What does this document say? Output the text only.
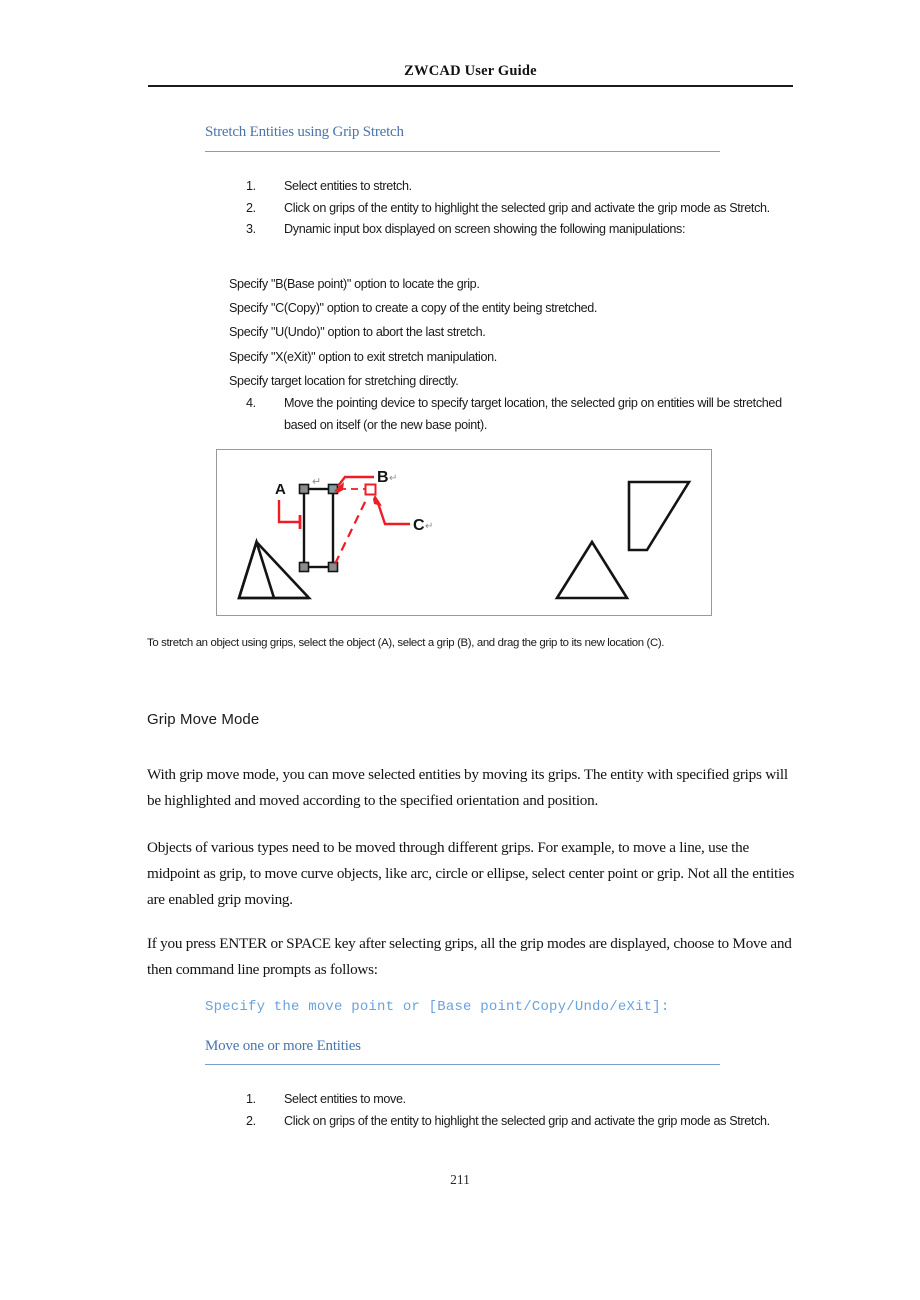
ZWCAD User Guide
Stretch Entities using Grip Stretch
1.	Select entities to stretch.
2.	Click on grips of the entity to highlight the selected grip and activate the grip mode as Stretch.
3.	Dynamic input box displayed on screen showing the following manipulations:
Specify "B(Base point)" option to locate the grip.
Specify "C(Copy)" option to create a copy of the entity being stretched.
Specify "U(Undo)" option to abort the last stretch.
Specify "X(eXit)" option to exit stretch manipulation.
Specify target location for stretching directly.
4.	Move the pointing device to specify target location, the selected grip on entities will be stretched based on itself (or the new base point).
A ↵	B ↵
C ↵
To stretch an object using grips, select the object (A), select a grip (B), and drag the grip to its new location (C).
Grip Move Mode
With grip move mode, you can move selected entities by moving its grips. The entity with specified grips will be highlighted and moved according to the specified orientation and position.
Objects of various types need to be moved through different grips. For example, to move a line, use the midpoint as grip, to move curve objects, like arc, circle or ellipse, select center point or grip. Not all the entities are enabled grip moving.
If you press ENTER or SPACE key after selecting grips, all the grip modes are displayed, choose to Move and then command line prompts as follows:
Specify the move point or [Base point/Copy/Undo/eXit]:
Move one or more Entities
1.	Select entities to move.
2.	Click on grips of the entity to highlight the selected grip and activate the grip mode as Stretch.
211
